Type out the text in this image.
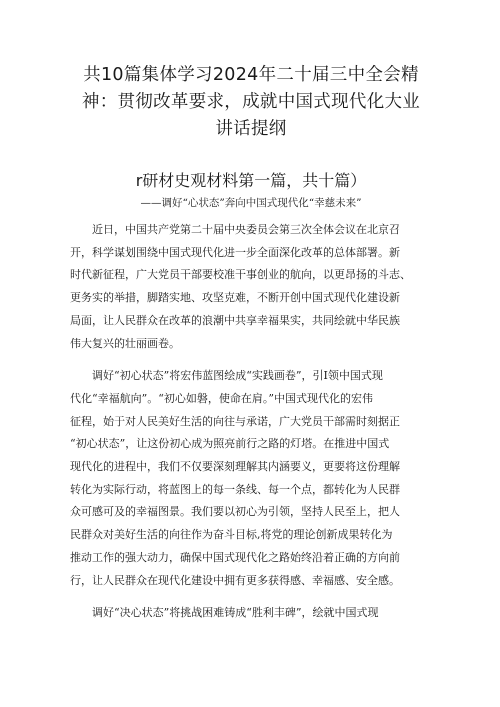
共10篇集体学习2024年二十届三中全会精
神：贯彻改革要求，成就中国式现代化大业
讲话提纲
r研材史观材料第一篇，共十篇）
——调好“心状态”奔向中国式现代化“幸慈未来”

近日，中国共产党第二十届中央委员会第三次全体会议在北京召
开，科学谋划围绕中国式现代化进一步全面深化改革的总体部署。新
时代新征程，广大党员干部要校准干事创业的航向，以更昂扬的斗志、
更务实的举措，脚踏实地、攻坚克难，不断开创中国式现代化建设新
局面，让人民群众在改革的浪潮中共享幸福果实，共同绘就中华民族
伟大复兴的壮丽画卷。

调好“初心状态”将宏伟蓝图绘成“实践画卷”，引I领中国式现
代化“幸福航向”。“初心如磐，使命在肩。”中国式现代化的宏伟
征程，始于对人民美好生活的向往与承诺，广大党员干部需时刻据正
“初心状态”，让这份初心成为照亮前行之路的灯塔。在推进中国式
现代化的进程中，我们不仅要深刻理解其内涵要义，更要将这份理解
转化为实际行动，将蓝图上的每一条线、每一个点，都转化为人民群
众可感可及的幸福图景。我们要以初心为引领，坚持人民至上，把人
民群众对美好生活的向往作为奋斗目标,将党的理论创新成果转化为
推动工作的强大动力，确保中国式现代化之路始终沿着正确的方向前
行，让人民群众在现代化建设中拥有更多获得感、幸福感、安全感。

调好“决心状态”将挑战困难铸成“胜利丰碑”，绘就中国式现
